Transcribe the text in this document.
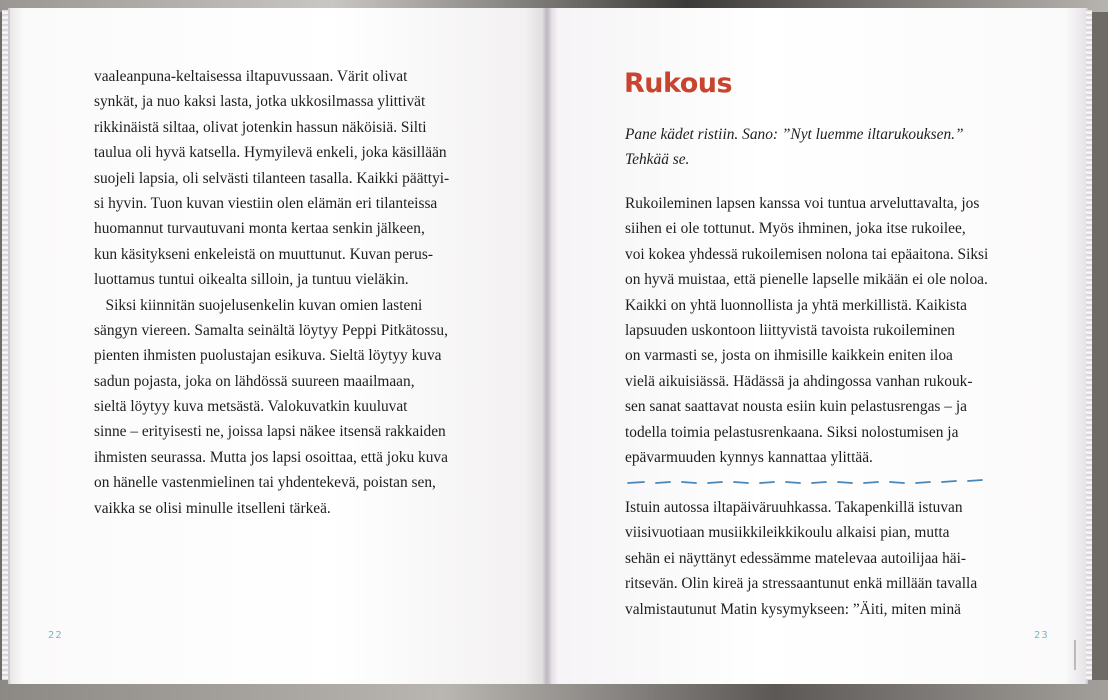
vaaleanpuna-keltaisessa iltapuvussaan. Värit olivat
synkät, ja nuo kaksi lasta, jotka ukkosilmassa ylittivät
rikkinäistä siltaa, olivat jotenkin hassun näköisiä. Silti
taulua oli hyvä katsella. Hymyilevä enkeli, joka käsillään
suojeli lapsia, oli selvästi tilanteen tasalla. Kaikki päättyi-
si hyvin. Tuon kuvan viestiin olen elämän eri tilanteissa
huomannut turvautuvani monta kertaa senkin jälkeen,
kun käsitykseni enkeleistä on muuttunut. Kuvan perus-
luottamus tuntui oikealta silloin, ja tuntuu vieläkin.
Siksi kiinnitän suojelusenkelin kuvan omien lasteni
sängyn viereen. Samalta seinältä löytyy Peppi Pitkätossu,
pienten ihmisten puolustajan esikuva. Sieltä löytyy kuva
sadun pojasta, joka on lähdössä suureen maailmaan,
sieltä löytyy kuva metsästä. Valokuvatkin kuuluvat
sinne – erityisesti ne, joissa lapsi näkee itsensä rakkaiden
ihmisten seurassa. Mutta jos lapsi osoittaa, että joku kuva
on hänelle vastenmielinen tai yhdentekevä, poistan sen,
vaikka se olisi minulle itselleni tärkeä.
22
Rukous
Pane kädet ristiin. Sano: ”Nyt luemme iltarukouksen.”
Tehkää se.
Rukoileminen lapsen kanssa voi tuntua arveluttavalta, jos
siihen ei ole tottunut. Myös ihminen, joka itse rukoilee,
voi kokea yhdessä rukoilemisen nolona tai epäaitona. Siksi
on hyvä muistaa, että pienelle lapselle mikään ei ole noloa.
Kaikki on yhtä luonnollista ja yhtä merkillistä. Kaikista
lapsuuden uskontoon liittyvistä tavoista rukoileminen
on varmasti se, josta on ihmisille kaikkein eniten iloa
vielä aikuisiässä. Hädässä ja ahdingossa vanhan rukouk-
sen sanat saattavat nousta esiin kuin pelastusrengas – ja
todella toimia pelastusrenkaana. Siksi nolostumisen ja
epävarmuuden kynnys kannattaa ylittää.
Istuin autossa iltapäiväruuhkassa. Takapenkillä istuvan
viisivuotiaan musiikkileikkikoulu alkaisi pian, mutta
sehän ei näyttänyt edessämme matelevaa autoilijaa häi-
ritsevän. Olin kireä ja stressaantunut enkä millään tavalla
valmistautunut Matin kysymykseen: ”Äiti, miten minä
23
